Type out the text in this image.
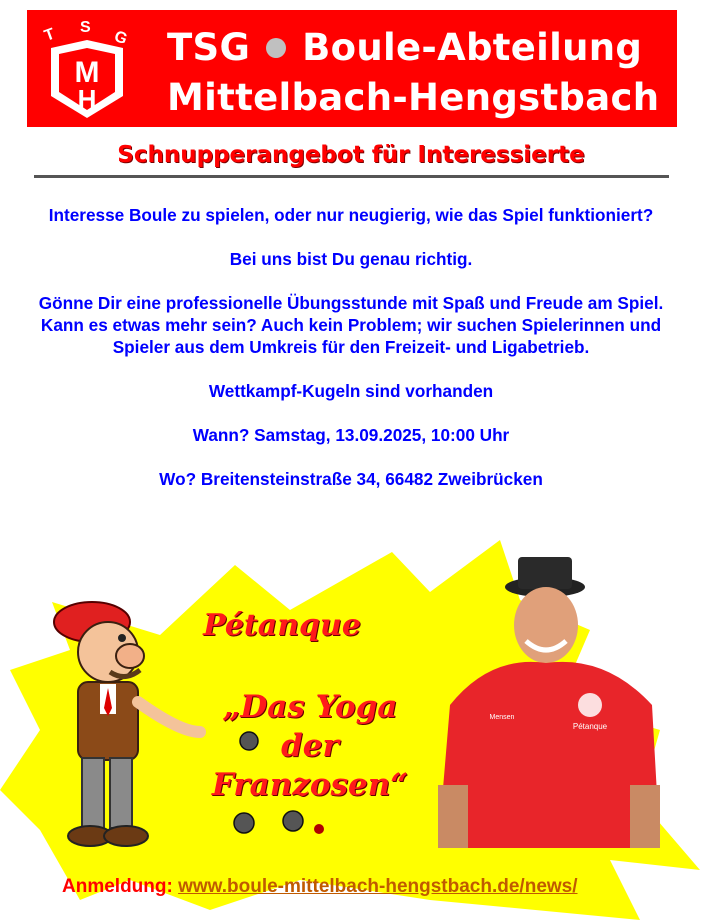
T S
G
M
H
TSG Boule-Abteilung
Mittelbach-Hengstbach
Schnupperangebot für Interessierte

Interesse Boule zu spielen, oder nur neugierig, wie das Spiel funktioniert?

Bei uns bist Du genau richtig.

Gönne Dir eine professionelle Übungsstunde mit Spaß und Freude am Spiel. Kann es etwas mehr sein? Auch kein Problem; wir suchen Spielerinnen und Spieler aus dem Umkreis für den Freizeit- und Ligabetrieb.

Wettkampf-Kugeln sind vorhanden

Wann? Samstag, 13.09.2025, 10:00 Uhr

Wo? Breitensteinstraße 34, 66482 Zweibrücken

Pétanque
„Das Yoga
der
Franzosen“
Pétanque
Mensen
Anmeldung: www.boule-mittelbach-hengstbach.de/news/
